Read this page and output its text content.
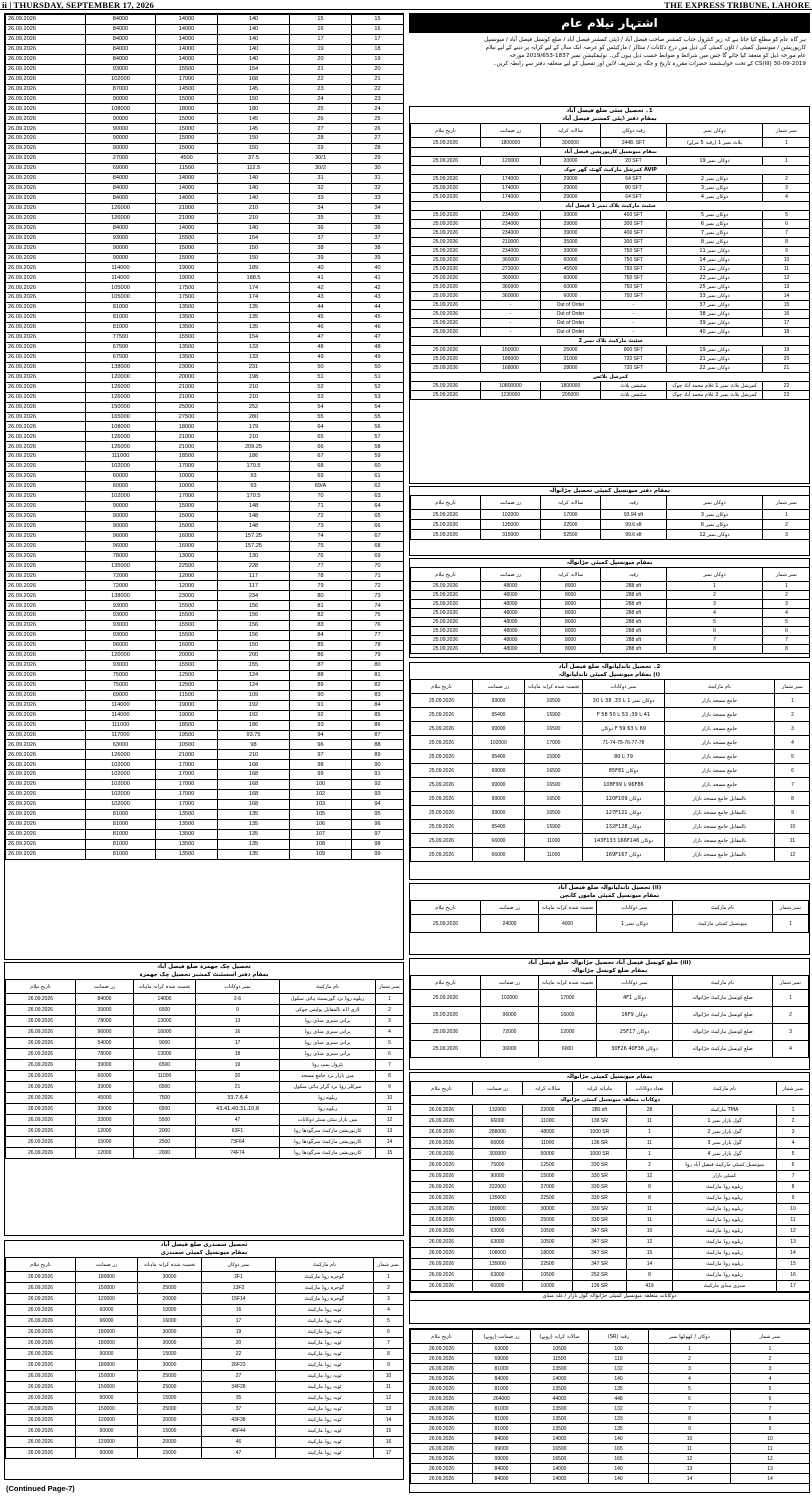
ii | THURSDAY, SEPTEMBER 17, 2026	THE EXPRESS TRIBUNE, LAHORE
26.09.2026	84000	14000	140	15	15
26.09.2026	84000	14000	140	16	16
26.09.2026	84000	14000	140	17	17
26.09.2026	84000	14000	140	19	18
26.09.2026	84000	14000	140	20	19
26.09.2026	93000	15500	154	21	20
26.09.2026	102000	17000	168	22	21
26.09.2026	87000	14500	145	23	22
26.09.2026	90000	15000	150	24	23
26.09.2026	108000	18000	180	25	24
26.09.2026	90000	15000	145	26	25
26.09.2026	90000	15000	145	27	26
26.09.2026	90000	15000	150	28	27
26.09.2026	90000	15000	150	29	28
26.09.2026	27000	4500	37.5	30/1	29
26.09.2026	69000	11500	112.5	30/2	30
26.09.2026	84000	14000	140	31	31
26.09.2026	84000	14000	140	32	32
26.09.2026	84000	14000	140	33	33
26.09.2026	126000	21000	210	34	34
26.09.2026	126000	21000	210	35	35
26.09.2026	84000	14000	140	36	36
26.09.2026	93000	15500	154	37	37
26.09.2026	90000	15000	150	38	38
26.09.2026	90000	15000	150	39	39
26.09.2026	114000	19000	189	40	40
26.09.2026	114000	19000	188.5	41	41
26.09.2026	105000	17500	174	42	42
26.09.2026	105000	17500	174	43	43
26.09.2026	81000	13500	135	44	44
26.09.2026	81000	13500	135	45	45
26.09.2026	81000	13500	135	46	46
26.09.2026	77500	15500	154	47	47
26.09.2026	67500	13500	133	48	48
26.09.2026	67500	13500	133	49	49
26.09.2026	138000	23000	231	50	50
26.09.2026	120000	20000	198	51	51
26.09.2026	126000	21000	210	52	52
26.09.2026	126000	21000	210	53	53
26.09.2026	150000	25000	252	54	54
26.09.2026	165000	27500	280	55	55
26.09.2026	108000	18000	179	64	56
26.09.2026	126000	21000	210	65	57
26.09.2026	126000	21000	209.25	66	58
26.09.2026	111000	18500	186	67	59
26.09.2026	102000	17000	170.5	68	60
26.09.2026	60000	10000	93	69	61
26.09.2026	60000	10000	93	69/A	62
26.09.2026	102000	17000	170.5	70	63
26.09.2026	90000	15000	148	71	64
26.09.2026	90000	15000	148	72	65
26.09.2026	90000	15000	148	73	66
26.09.2026	96000	16000	157.25	74	67
26.09.2026	96000	16000	157.25	75	68
26.09.2026	78000	13000	130	76	69
26.09.2026	135000	22500	228	77	70
26.09.2026	72000	12000	117	78	71
26.09.2026	72000	12000	117	79	72
26.09.2026	138000	23000	234	80	73
26.09.2026	93000	15500	156	81	74
26.09.2026	93000	15500	156	82	75
26.09.2026	93000	15500	156	83	76
26.09.2026	93000	15500	156	84	77
26.09.2026	96000	16000	150	85	78
26.09.2026	120000	20000	200	86	79
26.09.2026	93000	15500	155	87	80
26.09.2026	75000	12500	124	88	81
26.09.2026	75000	12500	124	89	82
26.09.2026	69000	11500	109	90	83
26.09.2026	114000	19000	192	91	84
26.09.2026	114000	19000	192	92	85
26.09.2026	111000	18500	186	93	86
26.09.2026	117000	19500	93.75	94	87
26.09.2026	63000	10500	98	96	88
26.09.2026	126000	21000	210	97	89
26.09.2026	102000	17000	168	98	90
26.09.2026	102000	17000	168	99	91
26.09.2026	102000	17000	168	100	92
26.09.2026	102000	17000	168	102	93
26.09.2026	102000	17000	168	103	94
26.09.2026	81000	13500	135	105	95
26.09.2026	81000	13500	135	106	96
26.09.2026	81000	13500	135	107	97
26.09.2026	81000	13500	135	108	98
26.09.2026	81000	13500	135	109	99
تحصیل چک جھمرہ ضلع فیصل آباد
بمقام دفتر اسسٹنٹ کمشنر تحصیل چک جھمرہ
تاریخ نیلام	زر ضمانت	تخمینہ شدہ کرایہ ماہانہ	نمبر دوکانات	نام مارکیٹ	نمبر شمار
26.09.2026	84000	14000	2-6	ریلوے روڈ نزد گورنمنٹ ہائی سکول	1
26.09.2026	39000	6500	9	لاری اڈہ بالمقابل پولیس چوکی	2
26.09.2026	78000	13000	13	پرانی سبزی منڈی روڈ	3
26.09.2026	96000	16000	16	پرانی سبزی منڈی روڈ	4
26.09.2026	54000	9000	17	پرانی سبزی منڈی روڈ	5
26.09.2026	78000	13000	18	پرانی سبزی منڈی روڈ	6
26.09.2026	39000	6500	19	پٹرول پمپ روڈ	7
26.09.2026	66000	11000	20	مین بازار نزد جامع مسجد	8
26.09.2026	39000	6500	21	سرکلر روڈ نزد گرلز ہائی سکول	9
26.09.2026	45000	7500	33،7،6،4	ریلوے روڈ	10
26.09.2026	39000	6500	43،41،40،31،10،8	ریلوے روڈ	11
26.09.2026	33000	5500	47	مین بازار سٹی سنٹر دوکانات	12
26.09.2026	12000	2000	63F1	کارپوریشن مارکیٹ سرگودھا روڈ	13
26.09.2026	15000	2500	73F64	کارپوریشن مارکیٹ سرگودھا روڈ	14
26.09.2026	12000	2000	74F74	کارپوریشن مارکیٹ سرگودھا روڈ	15
تحصیل سمندری ضلع فیصل آباد
بمقام میونسپل کمیٹی سمندری
تاریخ نیلام	زر ضمانت	تخمینہ شدہ کرایہ ماہانہ	نمبر دوکان	نام مارکیٹ	نمبر شمار
26.09.2026	180000	30000	2F1	گوجرہ روڈ مارکیٹ	1
26.09.2026	150000	25000	13F3	گوجرہ روڈ مارکیٹ	2
26.09.2026	120000	20000	15F14	گوجرہ روڈ مارکیٹ	3
26.09.2026	60000	10000	16	ٹوبہ روڈ مارکیٹ	4
26.09.2026	96000	16000	17	ٹوبہ روڈ مارکیٹ	5
26.09.2026	180000	30000	19	ٹوبہ روڈ مارکیٹ	6
26.09.2026	180000	30000	20	ٹوبہ روڈ مارکیٹ	7
26.09.2026	90000	15000	22	ٹوبہ روڈ مارکیٹ	8
26.09.2026	180000	30000	26F23	ٹوبہ روڈ مارکیٹ	9
26.09.2026	150000	25000	27	ٹوبہ روڈ مارکیٹ	10
26.09.2026	150000	25000	34F28	ٹوبہ روڈ مارکیٹ	11
26.09.2026	90000	15000	35	ٹوبہ روڈ مارکیٹ	12
26.09.2026	150000	25000	37	ٹوبہ روڈ مارکیٹ	13
26.09.2026	120000	20000	43F38	ٹوبہ روڈ مارکیٹ	14
26.09.2026	90000	15000	45F44	ٹوبہ روڈ مارکیٹ	15
26.09.2026	120000	20000	46	ٹوبہ روڈ مارکیٹ	16
26.09.2026	90000	15000	47	ٹوبہ روڈ مارکیٹ	17
(Continued Page-7)
اشتہار نیلام عام
ہر گاہ عام کو مطلع کیا جاتا ہے کہ زیر کنٹرول جناب کمشنر صاحب فیصل آباد / ڈپٹی کمشنر فیصل آباد / ضلع کونسل فیصل آباد / میونسپل
کارپوریشن / میونسپل کمیٹی / ٹاؤن کمیٹی کی ذیل میں درج دکانات / سٹالز / مارکیٹس کو عرصہ ایک سال کے لیے کرایہ پر دینے کے لیے نیلام
عام مورخہ ذیل کو منعقد کیا جائے گا جس میں شرائط و ضوابط حسب ذیل ہوں گی۔ نوٹیفکیشن نمبر 1837-2019/653 مورخہ
CS(III) 30-09-2019 کے تحت خواہشمند حضرات مقررہ تاریخ و جگہ پر تشریف لائیں اور تفصیل کے لیے متعلقہ دفتر سے رابطہ کریں۔
1۔ تحصیل سٹی ضلع فیصل آباد
بمقام دفتر ڈپٹی کمشنر فیصل آباد
تاریخ نیلام	زر ضمانت	سالانہ کرایہ	رقبہ دوکان	دوکان نمبر	نمبر شمار
25.09.2026	1800000	300000	2448. SFT	پلاٹ نمبر 1 (رقبہ 5 مرلے)	1
بمقام میونسپل کارپوریشن فیصل آباد					
25.09.2026	120000	20000	20 SFT	دوکان نمبر 19	1
AVIP کمرشل مارکیٹ گھنٹہ گھر چوک					
25.09.2026	174000	29000	64 SFT	دوکان نمبر 2	2
25.09.2026	174000	29000	80 SFT	دوکان نمبر 3	3
25.09.2026	174000	29000	64 SFT	دوکان نمبر 4	4
سٹیٹ مارکیٹ بلاک نمبر 1 فیصل آباد					
25.09.2026	234000	39000	400 SFT	دوکان نمبر 5	5
25.09.2026	234000	39000	300 SFT	دوکان نمبر 6	6
25.09.2026	234000	39000	400 SFT	دوکان نمبر 7	7
25.09.2026	210000	35000	300 SFT	دوکان نمبر 8	8
25.09.2026	234000	39000	750 SFT	دوکان نمبر 11	9
25.09.2026	360000	60000	750 SFT	دوکان نمبر 14	10
25.09.2026	273000	45500	750 SFT	دوکان نمبر 21	11
25.09.2026	360000	60000	750 SFT	دوکان نمبر 22	12
25.09.2026	360000	60000	750 SFT	دوکان نمبر 25	13
25.09.2026	360000	60000	750 SFT	دوکان نمبر 33	14
25.09.2026	-	Out of Order	-	دوکان نمبر 37	15
25.09.2026	-	Out of Order	-	دوکان نمبر 38	16
25.09.2026	-	Out of Order	-	دوکان نمبر 39	17
25.09.2026	-	Out of Order	-	دوکان نمبر 40	18
سٹیٹ مارکیٹ بلاک نمبر 2					
25.09.2026	150000	25000	800 SFT	دوکان نمبر 19	19
25.09.2026	186000	31000	720 SFT	دوکان نمبر 21	20
25.09.2026	168000	28000	720 SFT	دوکان نمبر 22	21
کمرشل پلاٹس					
25.09.2026	10800000	1800000	سٹیشن پلاٹ	کمرشل پلاٹ نمبر 1 غلام محمد آباد چوک	22
25.09.2026	1230000	205000	سٹیشن پلاٹ	کمرشل پلاٹ نمبر 2 غلام محمد آباد چوک	23
بمقام دفتر میونسپل کمیٹی تحصیل جڑانوالہ
تاریخ نیلام	زر ضمانت	سالانہ کرایہ	رقبہ	دوکان نمبر	نمبر شمار
25.09.2026	102000	17000	93.94 sft	دوکان نمبر 3	1
25.09.2026	135000	22500	99.6 sft	دوکان نمبر 6	2
25.09.2026	315000	52500	99.6 sft	دوکان نمبر 12	3
بمقام میونسپل کمیٹی جڑانوالہ
تاریخ نیلام	زر ضمانت	سالانہ کرایہ	رقبہ	دوکان نمبر	نمبر شمار
25.09.2026	48000	8000	288 sft	1	1
25.09.2026	48000	8000	288 sft	2	2
25.09.2026	48000	8000	288 sft	3	3
25.09.2026	48000	8000	288 sft	4	4
25.09.2026	48000	8000	288 sft	5	5
25.09.2026	48000	8000	288 sft	6	6
25.09.2026	48000	8000	288 sft	7	7
25.09.2026	48000	8000	288 sft	8	8
2۔ تحصیل تاندلیانوالہ ضلع فیصل آباد
(i) بمقام میونسپل کمیٹی تاندلیانوالہ
تاریخ نیلام	زر ضمانت	تخمینہ شدہ کرایہ ماہانہ	نمبر دوکانات	نام مارکیٹ	نمبر شمار
25.09.2026	99000	16500	دوکان نمبر 1 تا 33، 38 تا 30	جامع مسجد بازار	1
25.09.2026	95400	15900	41 تا 39، 53 تا 50 F 58	جامع مسجد بازار	2
25.09.2026	99000	16500	69 تا 63 F 59 دوکان	جامع مسجد بازار	3
25.09.2026	102000	17000	71-74-75-76-77-78	جامع مسجد بازار	4
25.09.2026	95400	15900	79 تا 80	جامع مسجد بازار	5
25.09.2026	99000	16500	دوکان 85F81	جامع مسجد بازار	6
25.09.2026	99000	16500	96F86 تا 108F99	جامع مسجد بازار	7
25.09.2026	99000	16500	دوکان 120F109	بالمقابل جامع مسجد بازار	8
25.09.2026	99000	16500	دوکان 127F121	بالمقابل جامع مسجد بازار	9
25.09.2026	95400	15900	دوکان 132F128	بالمقابل جامع مسجد بازار	10
25.09.2026	66000	11000	دوکان 143F133 166F146	بالمقابل جامع مسجد بازار	11
25.09.2026	66000	11000	دوکان 169F167	بالمقابل جامع مسجد بازار	12
(ii) تحصیل تاندلیانوالہ ضلع فیصل آباد
بمقام میونسپل کمیٹی ماموں کانجن
تاریخ نیلام	زر ضمانت	تخمینہ شدہ کرایہ ماہانہ	نمبر دوکانات	نام مارکیٹ	نمبر شمار
25.09.2026	24000	4000	دوکان نمبر 1	میونسپل کمیٹی مارکیٹ	1
(iii) ضلع کونسل فیصل آباد تحصیل جڑانوالہ ضلع فیصل آباد
بمقام ضلع کونسل جڑانوالہ
تاریخ نیلام	زر ضمانت	تخمینہ شدہ کرایہ ماہانہ	نمبر دوکانات	نام مارکیٹ	نمبر شمار
25.09.2026	102000	17000	دوکان 4F1	ضلع کونسل مارکیٹ جڑانوالہ	1
25.09.2026	96000	16000	دوکان 16F9	ضلع کونسل مارکیٹ جڑانوالہ	2
25.09.2026	72000	12000	دوکان 25F17	ضلع کونسل مارکیٹ جڑانوالہ	3
25.09.2026	36000	6000	دوکان 30F26 40F36	ضلع کونسل مارکیٹ جڑانوالہ	4
بمقام میونسپل کمیٹی جڑانوالہ
تاریخ نیلام	زر ضمانت	سالانہ کرایہ	ماہانہ کرایہ	تعداد دوکانات	نام مارکیٹ	نمبر شمار
دوکانات متعلقہ میونسپل کمیٹی جڑانوالہ						
26.09.2026	132000	22000	280 sft	28	TMA مارکیٹ	1
26.09.2026	66000	11000	136 SR	11	گول بازار نمبر 1	2
26.09.2026	288000	48000	1000 SR	1	گول بازار نمبر 2	3
26.09.2026	66000	11000	136 SR	11	گول بازار نمبر 3	4
26.09.2026	300000	50000	1000 SR	1	گول بازار نمبر 4	5
26.09.2026	75000	12500	330 SR	2	میونسپل کمیٹی مارکیٹ فیصل آباد روڈ	6
26.09.2026	90000	15000	330 SR	12	کمیٹی بازار	7
26.09.2026	222000	37000	330 SR	8	ریلوے روڈ مارکیٹ	8
26.09.2026	135000	22500	330 SR	8	ریلوے روڈ مارکیٹ	9
26.09.2026	180000	30000	330 SR	11	ریلوے روڈ مارکیٹ	10
26.09.2026	150000	25000	330 SR	11	ریلوے روڈ مارکیٹ	11
26.09.2026	63000	10500	347 SR	10	ریلوے روڈ مارکیٹ	12
26.09.2026	63000	10500	347 SR	12	ریلوے روڈ مارکیٹ	13
26.09.2026	108000	18000	347 SR	15	ریلوے روڈ مارکیٹ	14
26.09.2026	135000	22500	347 SR	14	ریلوے روڈ مارکیٹ	15
26.09.2026	63000	10500	252 SR	8	ریلوے روڈ مارکیٹ	16
26.09.2026	60000	10000	136 SR	419	سبزی منڈی مارکیٹ	17
دوکانات متعلقہ میونسپل کمیٹی جڑانوالہ گول بازار / غلہ منڈی
تاریخ نیلام	زر ضمانت (روپے)	سالانہ کرایہ (روپے)	رقبہ (SR)	دوکان / کھوکھا نمبر	نمبر شمار
26.09.2026	63000	10500	100	1	1
26.09.2026	69000	11500	110	2	2
26.09.2026	81000	13500	132	3	3
26.09.2026	84000	14000	140	4	4
26.09.2026	81000	13500	135	5	5
26.09.2026	264000	44000	448	6	6
26.09.2026	81000	13500	132	7	7
26.09.2026	81000	13500	133	8	8
26.09.2026	81000	13500	135	9	9
26.09.2026	84000	14000	140	10	10
26.09.2026	99000	16500	165	11	11
26.09.2026	99000	16500	165	12	12
26.09.2026	84000	14000	140	13	13
26.09.2026	84000	14000	140	14	14
